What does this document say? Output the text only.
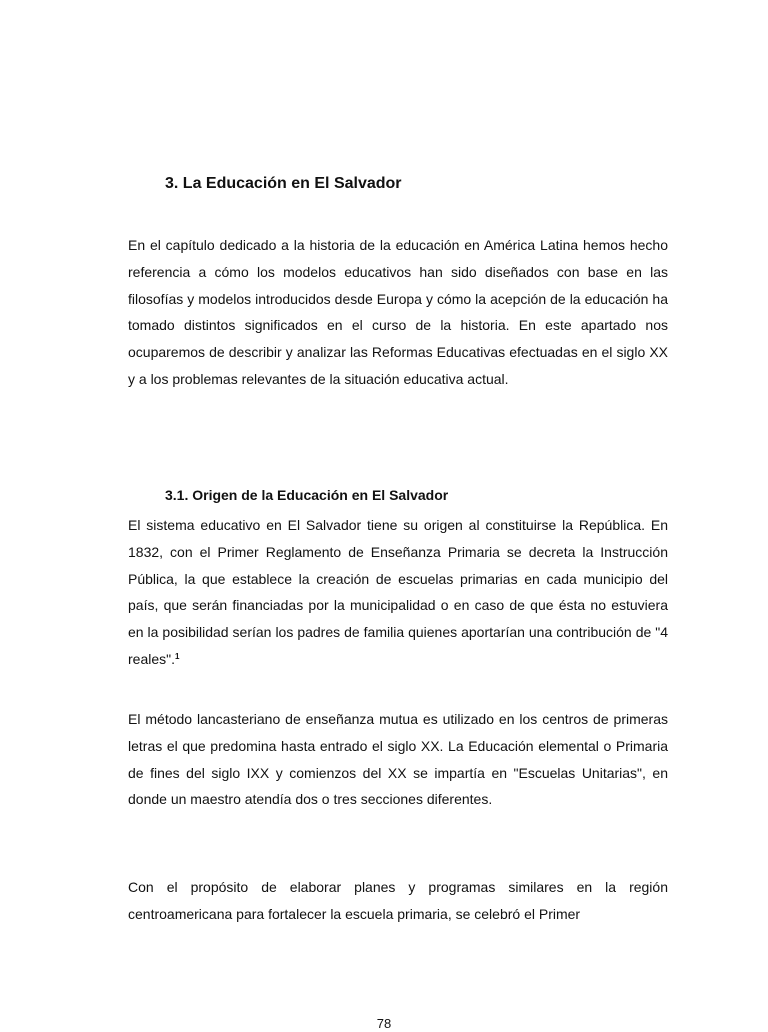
3. La Educación en El Salvador

En el capítulo dedicado a la historia de la educación en América Latina hemos hecho referencia a cómo los modelos educativos han sido diseñados con base en las filosofías y modelos introducidos desde Europa y cómo la acepción de la educación ha tomado distintos significados en el curso de la historia. En este apartado nos ocuparemos de describir y analizar las Reformas Educativas efectuadas en el siglo XX y a los problemas relevantes de la situación educativa actual.

3.1. Origen de la Educación en El Salvador

El sistema educativo en El Salvador tiene su origen al constituirse la República. En 1832, con el Primer Reglamento de Enseñanza Primaria se decreta la Instrucción Pública, la que establece la creación de escuelas primarias en cada municipio del país, que serán financiadas por la municipalidad o en caso de que ésta no estuviera en la posibilidad serían los padres de familia quienes aportarían una contribución de "4 reales".$^1$

El método lancasteriano de enseñanza mutua es utilizado en los centros de primeras letras el que predomina hasta entrado el siglo XX. La Educación elemental o Primaria de fines del siglo IXX y comienzos del XX se impartía en "Escuelas Unitarias", en donde un maestro atendía dos o tres secciones diferentes.

Con el propósito de elaborar planes y programas similares en la región centroamericana para fortalecer la escuela primaria, se celebró el Primer

78
